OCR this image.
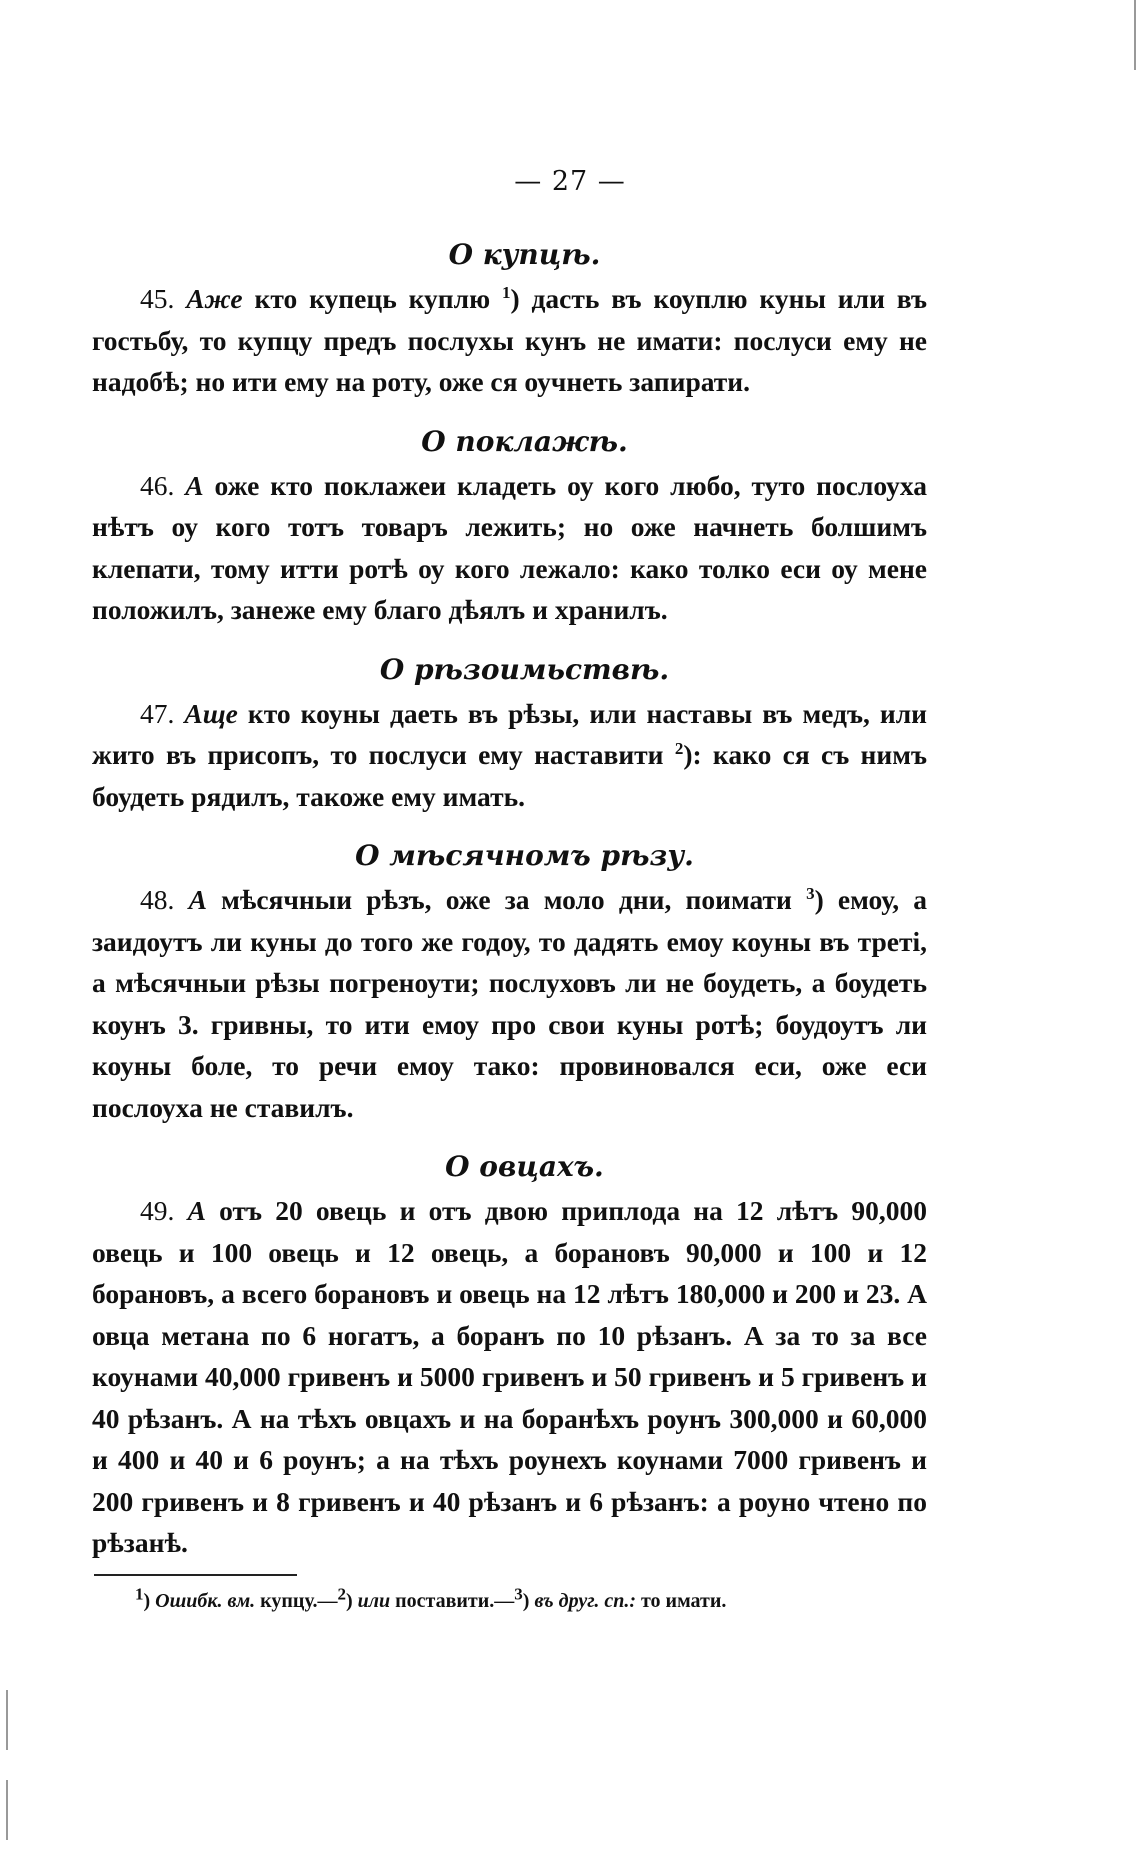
— 27 —
О купцѣ.

45. Аже кто купець куплю $^1$) дасть въ коуплю куны или въ гостьбу, то купцу предъ послухы кунъ не имати: послуси ему не надобѣ; но ити ему на роту, оже ся оучнеть запирати.

О поклажѣ.

46. А оже кто поклажеи кладеть оу кого любо, туто послоуха нѣтъ оу кого тотъ товаръ лежить; но оже начнеть болшимъ клепати, тому итти ротѣ оу кого лежало: како толко еси оу мене положилъ, занеже ему благо дѣялъ и хранилъ.

О рѣзоимьствѣ.

47. Аще кто коуны даеть въ рѣзы, или наставы въ медъ, или жито въ присопъ, то послуси ему наставити $^2$): како ся съ нимъ боудеть рядилъ, такоже ему имать.

О мѣсячномъ рѣзу.

48. А мѣсячныи рѣзъ, оже за моло дни, поимати $^3$) емоу, а заидоутъ ли куны до того же годоу, то дадять емоу коуны въ треті, а мѣсячныи рѣзы погреноути; послуховъ ли не боудеть, а боудеть коунъ 3. гривны, то ити емоу про свои куны ротѣ; боудоутъ ли коуны боле, то речи емоу тако: провиновался еси, оже еси послоуха не ставилъ.

О овцахъ.

49. А отъ 20 овець и отъ двою приплода на 12 лѣтъ 90,000 овець и 100 овець и 12 овець, а борановъ 90,000 и 100 и 12 борановъ, а всего борановъ и овець на 12 лѣтъ 180,000 и 200 и 23. А овца метана по 6 ногатъ, а боранъ по 10 рѣзанъ. А за то за все коунами 40,000 гривенъ и 5000 гривенъ и 50 гривенъ и 5 гривенъ и 40 рѣзанъ. А на тѣхъ овцахъ и на боранѣхъ роунъ 300,000 и 60,000 и 400 и 40 и 6 роунъ; а на тѣхъ роунехъ коунами 7000 гривенъ и 200 гривенъ и 8 гривенъ и 40 рѣзанъ и 6 рѣзанъ: а роуно чтено по рѣзанѣ.

$^1$) Ошибк. вм. купцу.—$^2$) или поставити.—$^3$) въ друг. сп.: то имати.
